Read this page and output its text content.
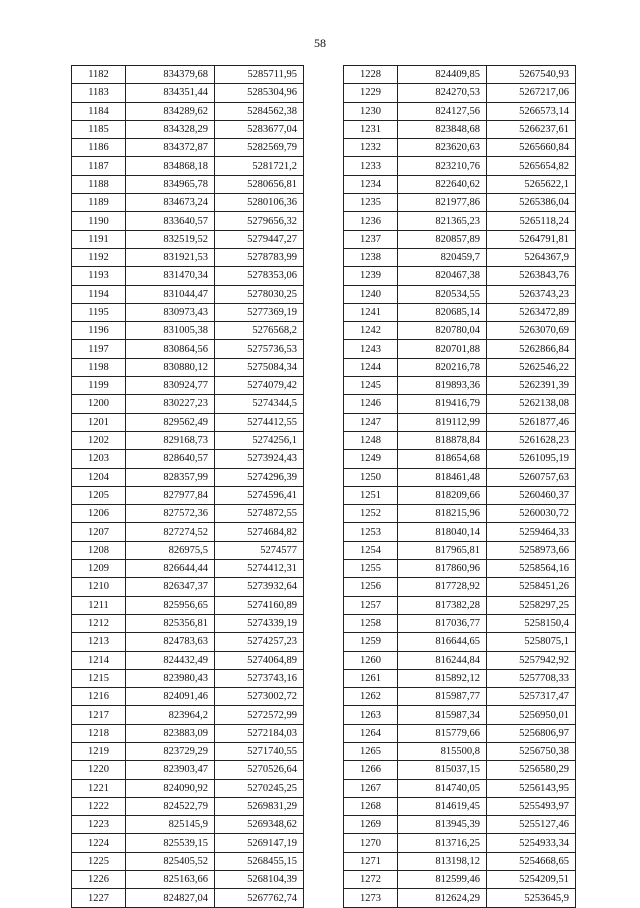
58
1182	834379,68	5285711,95
1183	834351,44	5285304,96
1184	834289,62	5284562,38
1185	834328,29	5283677,04
1186	834372,87	5282569,79
1187	834868,18	5281721,2
1188	834965,78	5280656,81
1189	834673,24	5280106,36
1190	833640,57	5279656,32
1191	832519,52	5279447,27
1192	831921,53	5278783,99
1193	831470,34	5278353,06
1194	831044,47	5278030,25
1195	830973,43	5277369,19
1196	831005,38	5276568,2
1197	830864,56	5275736,53
1198	830880,12	5275084,34
1199	830924,77	5274079,42
1200	830227,23	5274344,5
1201	829562,49	5274412,55
1202	829168,73	5274256,1
1203	828640,57	5273924,43
1204	828357,99	5274296,39
1205	827977,84	5274596,41
1206	827572,36	5274872,55
1207	827274,52	5274684,82
1208	826975,5	5274577
1209	826644,44	5274412,31
1210	826347,37	5273932,64
1211	825956,65	5274160,89
1212	825356,81	5274339,19
1213	824783,63	5274257,23
1214	824432,49	5274064,89
1215	823980,43	5273743,16
1216	824091,46	5273002,72
1217	823964,2	5272572,99
1218	823883,09	5272184,03
1219	823729,29	5271740,55
1220	823903,47	5270526,64
1221	824090,92	5270245,25
1222	824522,79	5269831,29
1223	825145,9	5269348,62
1224	825539,15	5269147,19
1225	825405,52	5268455,15
1226	825163,66	5268104,39
1227	824827,04	5267762,74
1228	824409,85	5267540,93
1229	824270,53	5267217,06
1230	824127,56	5266573,14
1231	823848,68	5266237,61
1232	823620,63	5265660,84
1233	823210,76	5265654,82
1234	822640,62	5265622,1
1235	821977,86	5265386,04
1236	821365,23	5265118,24
1237	820857,89	5264791,81
1238	820459,7	5264367,9
1239	820467,38	5263843,76
1240	820534,55	5263743,23
1241	820685,14	5263472,89
1242	820780,04	5263070,69
1243	820701,88	5262866,84
1244	820216,78	5262546,22
1245	819893,36	5262391,39
1246	819416,79	5262138,08
1247	819112,99	5261877,46
1248	818878,84	5261628,23
1249	818654,68	5261095,19
1250	818461,48	5260757,63
1251	818209,66	5260460,37
1252	818215,96	5260030,72
1253	818040,14	5259464,33
1254	817965,81	5258973,66
1255	817860,96	5258564,16
1256	817728,92	5258451,26
1257	817382,28	5258297,25
1258	817036,77	5258150,4
1259	816644,65	5258075,1
1260	816244,84	5257942,92
1261	815892,12	5257708,33
1262	815987,77	5257317,47
1263	815987,34	5256950,01
1264	815779,66	5256806,97
1265	815500,8	5256750,38
1266	815037,15	5256580,29
1267	814740,05	5256143,95
1268	814619,45	5255493,97
1269	813945,39	5255127,46
1270	813716,25	5254933,34
1271	813198,12	5254668,65
1272	812599,46	5254209,51
1273	812624,29	5253645,9
